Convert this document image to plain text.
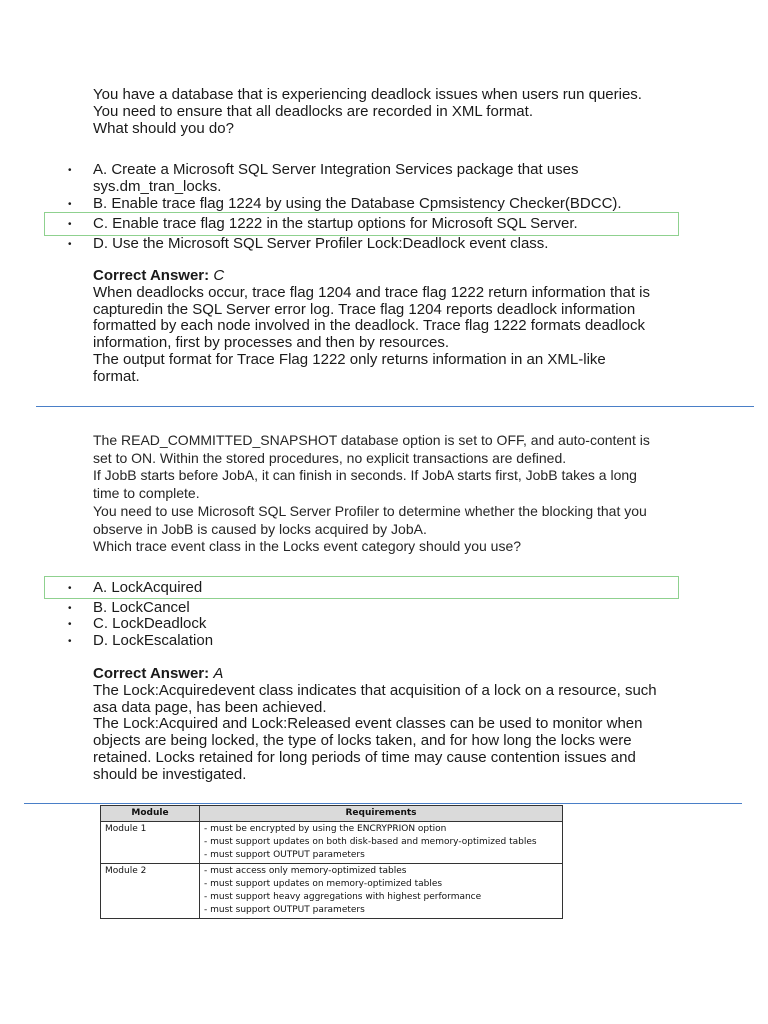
You have a database that is experiencing deadlock issues when users run queries.

You need to ensure that all deadlocks are recorded in XML format.

What should you do?

• A. Create a Microsoft SQL Server Integration Services package that uses
sys.dm_tran_locks.
• B. Enable trace flag 1224 by using the Database Cpmsistency Checker(BDCC).
• C. Enable trace flag 1222 in the startup options for Microsoft SQL Server.
• D. Use the Microsoft SQL Server Profiler Lock:Deadlock event class.
Correct Answer: C

When deadlocks occur, trace flag 1204 and trace flag 1222 return information that is

capturedin the SQL Server error log. Trace flag 1204 reports deadlock information

formatted by each node involved in the deadlock. Trace flag 1222 formats deadlock

information, first by processes and then by resources.

The output format for Trace Flag 1222 only returns information in an XML-like

format.

The READ_COMMITTED_SNAPSHOT database option is set to OFF, and auto-content is

set to ON. Within the stored procedures, no explicit transactions are defined.

If JobB starts before JobA, it can finish in seconds. If JobA starts first, JobB takes a long

time to complete.

You need to use Microsoft SQL Server Profiler to determine whether the blocking that you

observe in JobB is caused by locks acquired by JobA.

Which trace event class in the Locks event category should you use?

• A. LockAcquired
• B. LockCancel
• C. LockDeadlock
• D. LockEscalation
Correct Answer: A

The Lock:Acquiredevent class indicates that acquisition of a lock on a resource, such

asa data page, has been achieved.

The Lock:Acquired and Lock:Released event classes can be used to monitor when

objects are being locked, the type of locks taken, and for how long the locks were

retained. Locks retained for long periods of time may cause contention issues and

should be investigated.

Module	Requirements
Module 1	- must be encrypted by using the ENCRYPRION option
- must support updates on both disk-based and memory-optimized tables
- must support OUTPUT parameters

Module 2	- must access only memory-optimized tables
- must support updates on memory-optimized tables
- must support heavy aggregations with highest performance
- must support OUTPUT parameters
